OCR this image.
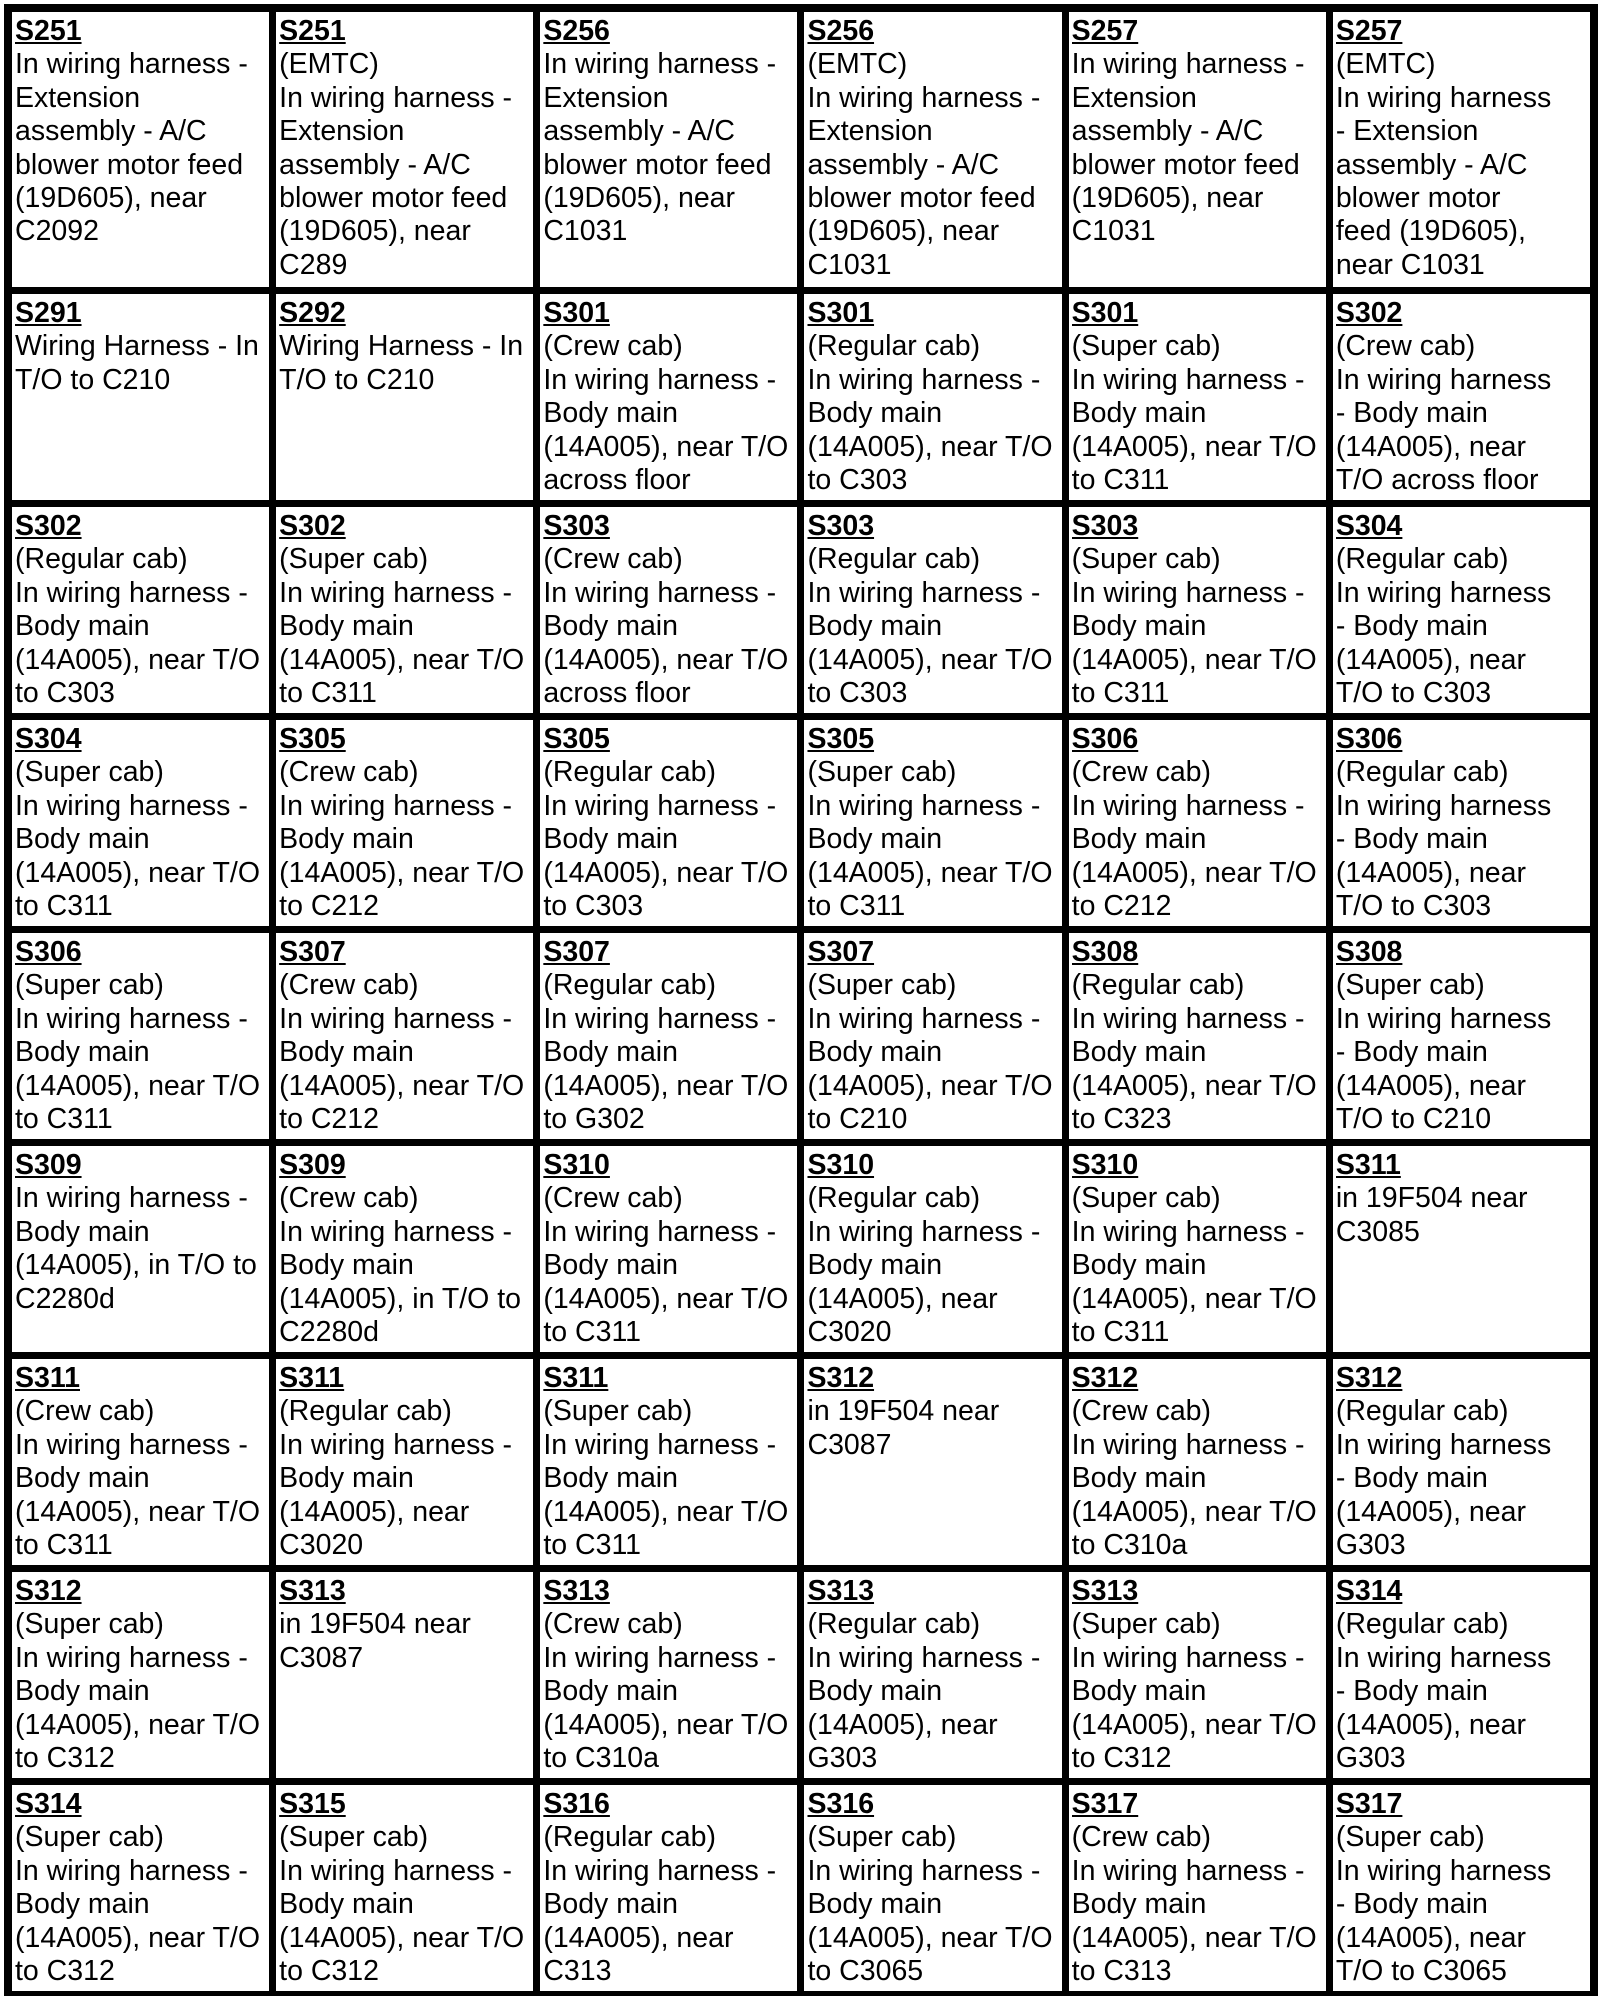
S251
In wiring harness -
Extension
assembly - A/C
blower motor feed
(19D605), near
C2092
S251
(EMTC)
In wiring harness -
Extension
assembly - A/C
blower motor feed
(19D605), near
C289
S256
In wiring harness -
Extension
assembly - A/C
blower motor feed
(19D605), near
C1031
S256
(EMTC)
In wiring harness -
Extension
assembly - A/C
blower motor feed
(19D605), near
C1031
S257
In wiring harness -
Extension
assembly - A/C
blower motor feed
(19D605), near
C1031
S257
(EMTC)
In wiring harness
- Extension
assembly - A/C
blower motor
feed (19D605),
near C1031
S291
Wiring Harness - In
T/O to C210
S292
Wiring Harness - In
T/O to C210
S301
(Crew cab)
In wiring harness -
Body main
(14A005), near T/O
across floor
S301
(Regular cab)
In wiring harness -
Body main
(14A005), near T/O
to C303
S301
(Super cab)
In wiring harness -
Body main
(14A005), near T/O
to C311
S302
(Crew cab)
In wiring harness
- Body main
(14A005), near
T/O across floor
S302
(Regular cab)
In wiring harness -
Body main
(14A005), near T/O
to C303
S302
(Super cab)
In wiring harness -
Body main
(14A005), near T/O
to C311
S303
(Crew cab)
In wiring harness -
Body main
(14A005), near T/O
across floor
S303
(Regular cab)
In wiring harness -
Body main
(14A005), near T/O
to C303
S303
(Super cab)
In wiring harness -
Body main
(14A005), near T/O
to C311
S304
(Regular cab)
In wiring harness
- Body main
(14A005), near
T/O to C303
S304
(Super cab)
In wiring harness -
Body main
(14A005), near T/O
to C311
S305
(Crew cab)
In wiring harness -
Body main
(14A005), near T/O
to C212
S305
(Regular cab)
In wiring harness -
Body main
(14A005), near T/O
to C303
S305
(Super cab)
In wiring harness -
Body main
(14A005), near T/O
to C311
S306
(Crew cab)
In wiring harness -
Body main
(14A005), near T/O
to C212
S306
(Regular cab)
In wiring harness
- Body main
(14A005), near
T/O to C303
S306
(Super cab)
In wiring harness -
Body main
(14A005), near T/O
to C311
S307
(Crew cab)
In wiring harness -
Body main
(14A005), near T/O
to C212
S307
(Regular cab)
In wiring harness -
Body main
(14A005), near T/O
to G302
S307
(Super cab)
In wiring harness -
Body main
(14A005), near T/O
to C210
S308
(Regular cab)
In wiring harness -
Body main
(14A005), near T/O
to C323
S308
(Super cab)
In wiring harness
- Body main
(14A005), near
T/O to C210
S309
In wiring harness -
Body main
(14A005), in T/O to
C2280d
S309
(Crew cab)
In wiring harness -
Body main
(14A005), in T/O to
C2280d
S310
(Crew cab)
In wiring harness -
Body main
(14A005), near T/O
to C311
S310
(Regular cab)
In wiring harness -
Body main
(14A005), near
C3020
S310
(Super cab)
In wiring harness -
Body main
(14A005), near T/O
to C311
S311
in 19F504 near
C3085
S311
(Crew cab)
In wiring harness -
Body main
(14A005), near T/O
to C311
S311
(Regular cab)
In wiring harness -
Body main
(14A005), near
C3020
S311
(Super cab)
In wiring harness -
Body main
(14A005), near T/O
to C311
S312
in 19F504 near
C3087
S312
(Crew cab)
In wiring harness -
Body main
(14A005), near T/O
to C310a
S312
(Regular cab)
In wiring harness
- Body main
(14A005), near
G303
S312
(Super cab)
In wiring harness -
Body main
(14A005), near T/O
to C312
S313
in 19F504 near
C3087
S313
(Crew cab)
In wiring harness -
Body main
(14A005), near T/O
to C310a
S313
(Regular cab)
In wiring harness -
Body main
(14A005), near
G303
S313
(Super cab)
In wiring harness -
Body main
(14A005), near T/O
to C312
S314
(Regular cab)
In wiring harness
- Body main
(14A005), near
G303
S314
(Super cab)
In wiring harness -
Body main
(14A005), near T/O
to C312
S315
(Super cab)
In wiring harness -
Body main
(14A005), near T/O
to C312
S316
(Regular cab)
In wiring harness -
Body main
(14A005), near
C313
S316
(Super cab)
In wiring harness -
Body main
(14A005), near T/O
to C3065
S317
(Crew cab)
In wiring harness -
Body main
(14A005), near T/O
to C313
S317
(Super cab)
In wiring harness
- Body main
(14A005), near
T/O to C3065
